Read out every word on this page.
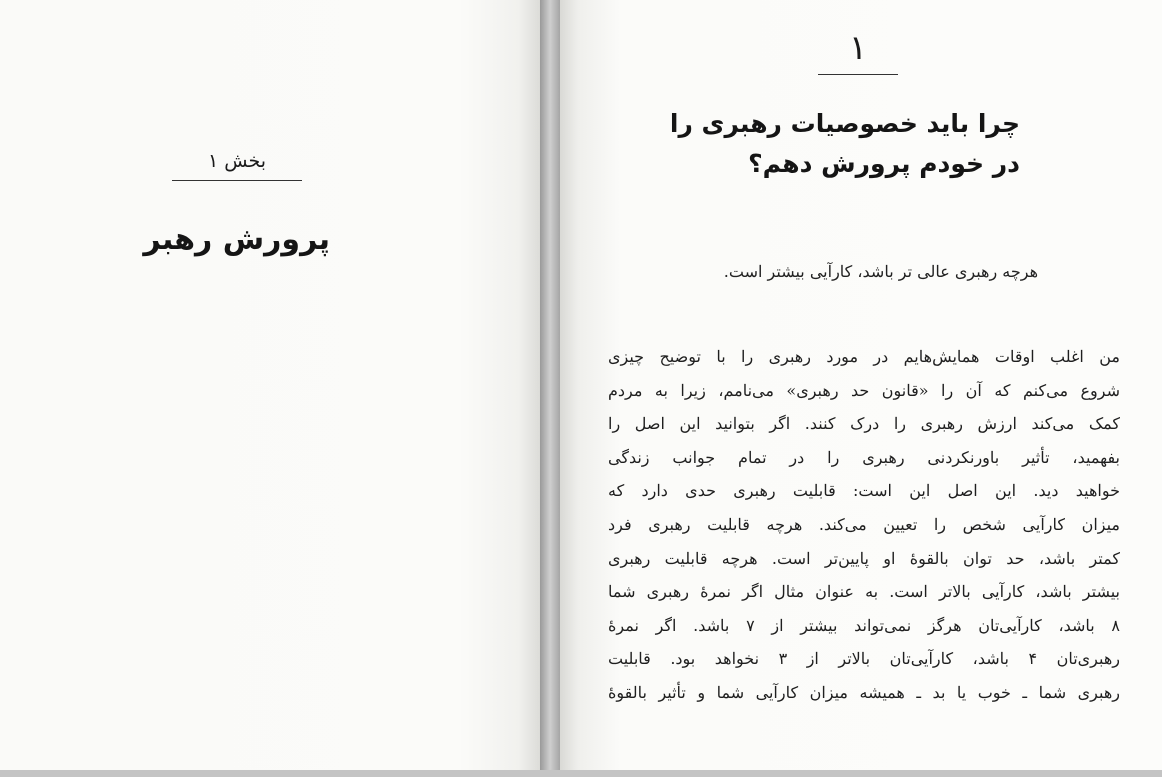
بخش ۱
پرورش رهبر
۱
چرا باید خصوصیات رهبری را
در خودم پرورش دهم؟
هرچه رهبری عالی تر باشد، کارآیی بیشتر است.
من اغلب اوقات همایش‌هایم در مورد رهبری را با توضیح چیزی
شروع می‌کنم که آن را «قانون حد رهبری» می‌نامم، زیرا به مردم
کمک می‌کند ارزش رهبری را درک کنند. اگر بتوانید این اصل را
بفهمید، تأثیر باورنکردنی رهبری را در تمام جوانب زندگی
خواهید دید. این اصل این است: قابلیت رهبری حدی دارد که
میزان کارآیی شخص را تعیین می‌کند. هرچه قابلیت رهبری فرد
کمتر باشد، حد توان بالقوهٔ او پایین‌تر است. هرچه قابلیت رهبری
بیشتر باشد، کارآیی بالاتر است. به عنوان مثال اگر نمرهٔ رهبری شما
۸ باشد، کارآیی‌تان هرگز نمی‌تواند بیشتر از ۷ باشد. اگر نمرهٔ
رهبری‌تان ۴ باشد، کارآیی‌تان بالاتر از ۳ نخواهد بود. قابلیت
رهبری شما ـ خوب یا بد ـ همیشه میزان کارآیی شما و تأثیر بالقوهٔ
